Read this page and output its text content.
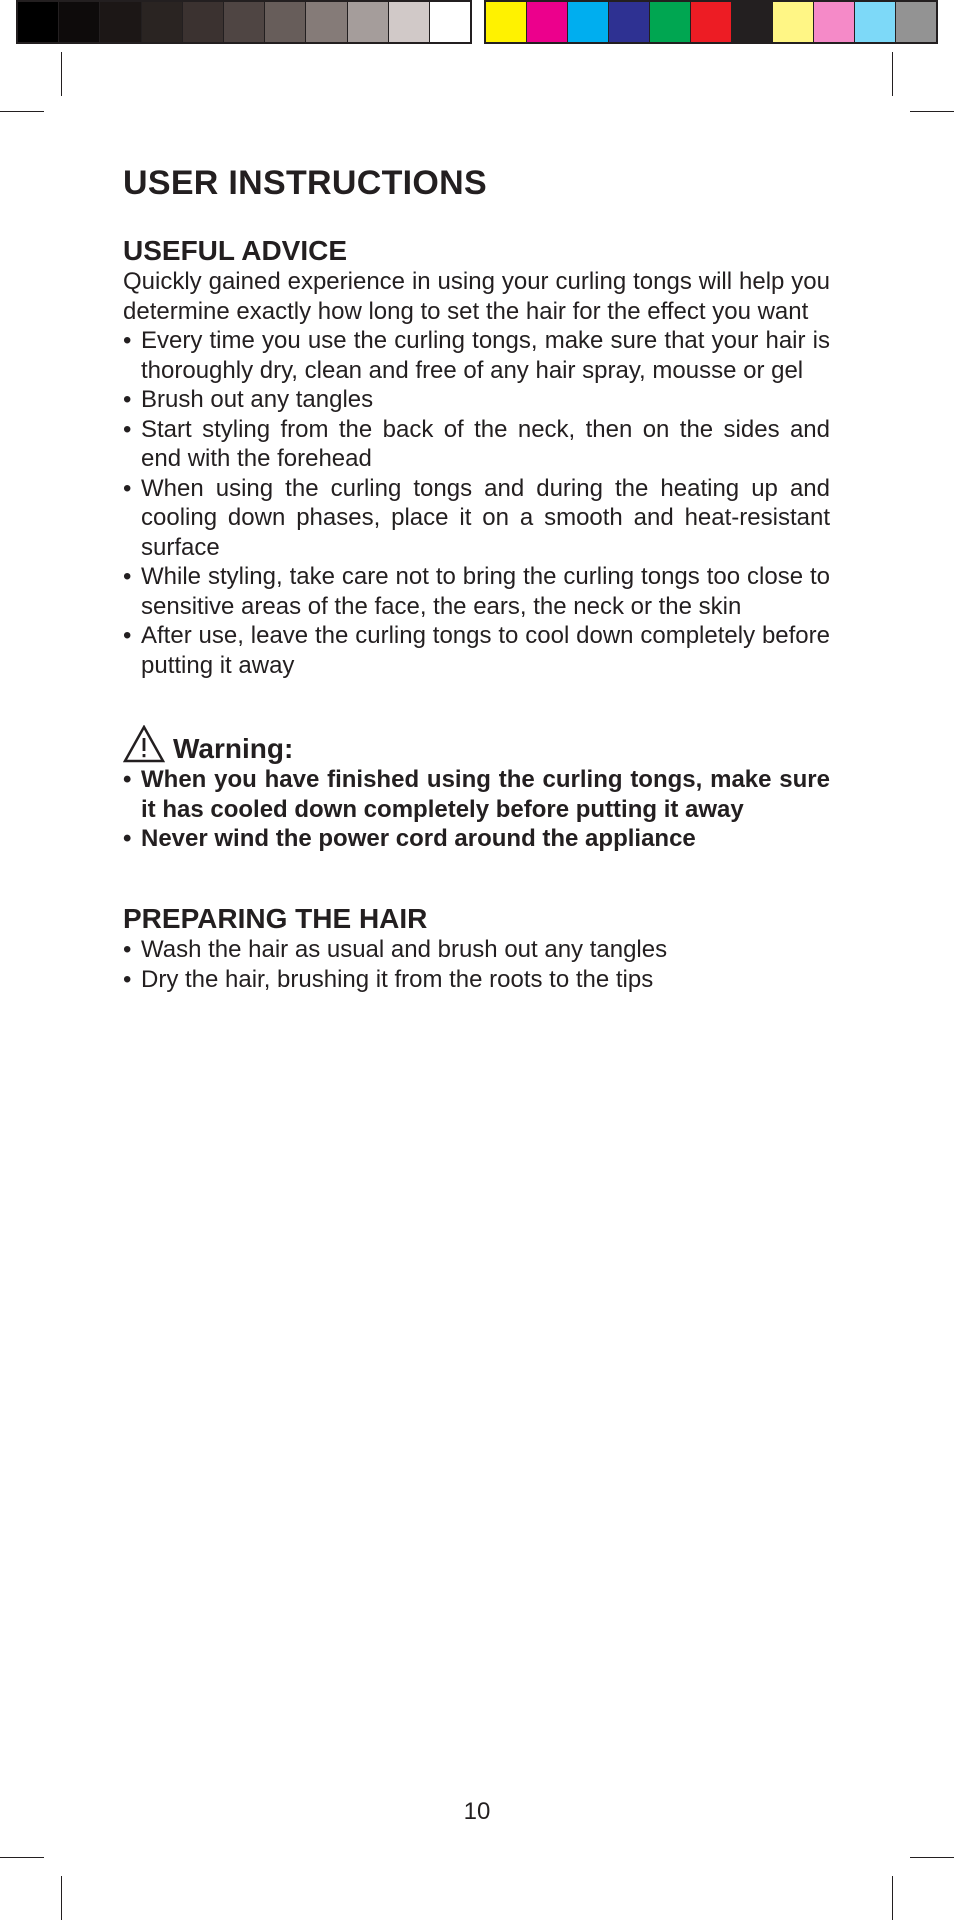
USER INSTRUCTIONS
USEFUL ADVICE

Quickly gained experience in using your curling tongs will help you determine exactly how long to set the hair for the effect you want

• Every time you use the curling tongs, make sure that your hair is thoroughly dry, clean and free of any hair spray, mousse or gel
• Brush out any tangles
• Start styling from the back of the neck, then on the sides and end with the forehead
• When using the curling tongs and during the heating up and cooling down phases, place it on a smooth and heat-resistant surface
• While styling, take care not to bring the curling tongs too close to sensitive areas of the face, the ears, the neck or the skin
• After use, leave the curling tongs to cool down completely before putting it away
Warning:
• When you have finished using the curling tongs, make sure it has cooled down completely before putting it away
• Never wind the power cord around the appliance
PREPARING THE HAIR
• Wash the hair as usual and brush out any tangles
• Dry the hair, brushing it from the roots to the tips
10
